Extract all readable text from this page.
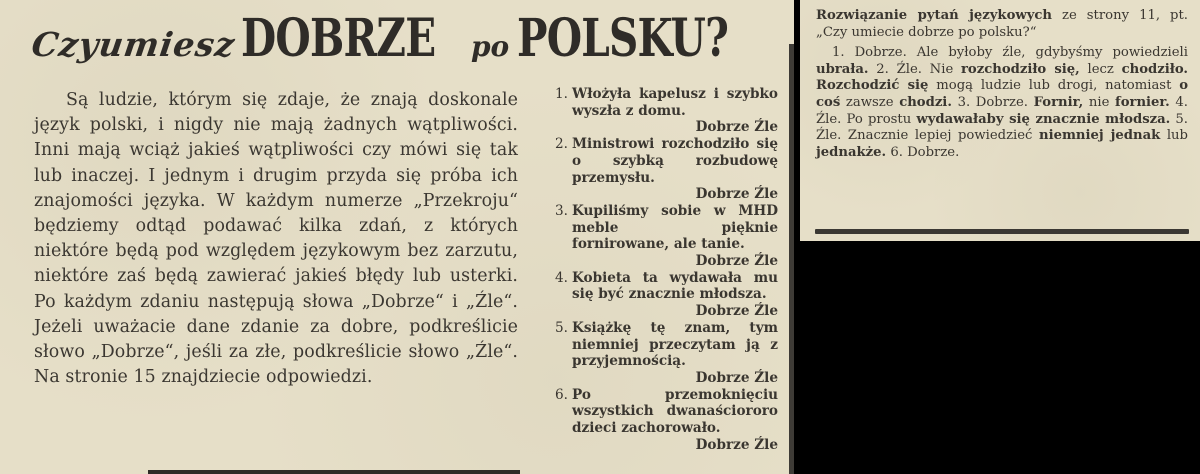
Czyumiesz DOBRZE po POLSKU?

Są ludzie, którym się zdaje, że znają doskonale język polski, i nigdy nie mają żadnych wątpliwości. Inni mają wciąż jakieś wątpliwości czy mówi się tak lub inaczej. I jednym i drugim przyda się próba ich znajomości języka. W każdym numerze „Przekroju“ będziemy odtąd podawać kilka zdań, z których niektóre będą pod względem językowym bez zarzutu, niektóre zaś będą zawierać jakieś błędy lub usterki. Po każdym zdaniu następują słowa „Dobrze“ i „Źle“. Jeżeli uważacie dane zdanie za dobre, podkreślicie słowo „Dobrze“, jeśli za złe, podkreślicie słowo „Źle“. Na stronie 15 znajdziecie odpowiedzi.

1. Włożyła kapelusz i szybko wyszła z domu.
Dobrze Źle
2. Ministrowi rozchodziło się o szybką rozbudowę przemysłu.
Dobrze Źle
3. Kupiliśmy sobie w MHD meble pięknie fornirowane, ale tanie.
Dobrze Źle
4. Kobieta ta wydawała mu się być znacznie młodsza.
Dobrze Źle
5. Książkę tę znam, tym niemniej przeczytam ją z przyjemnością.
Dobrze Źle
6. Po przemoknięciu wszystkich dwanaściororo dzieci zachorowało.
Dobrze Źle

Rozwiązanie pytań językowych ze strony 11, pt. „Czy umiecie dobrze po polsku?“

1. Dobrze. Ale byłoby źle, gdybyśmy powiedzieli ubrała. 2. Źle. Nie rozchodziło się, lecz chodziło. Rozchodzić się mogą ludzie lub drogi, natomiast o coś zawsze chodzi. 3. Dobrze. Fornir, nie fornier. 4. Źle. Po prostu wydawałaby się znacznie młodsza. 5. Źle. Znacznie lepiej powiedzieć niemniej jednak lub jednakże. 6. Dobrze.
